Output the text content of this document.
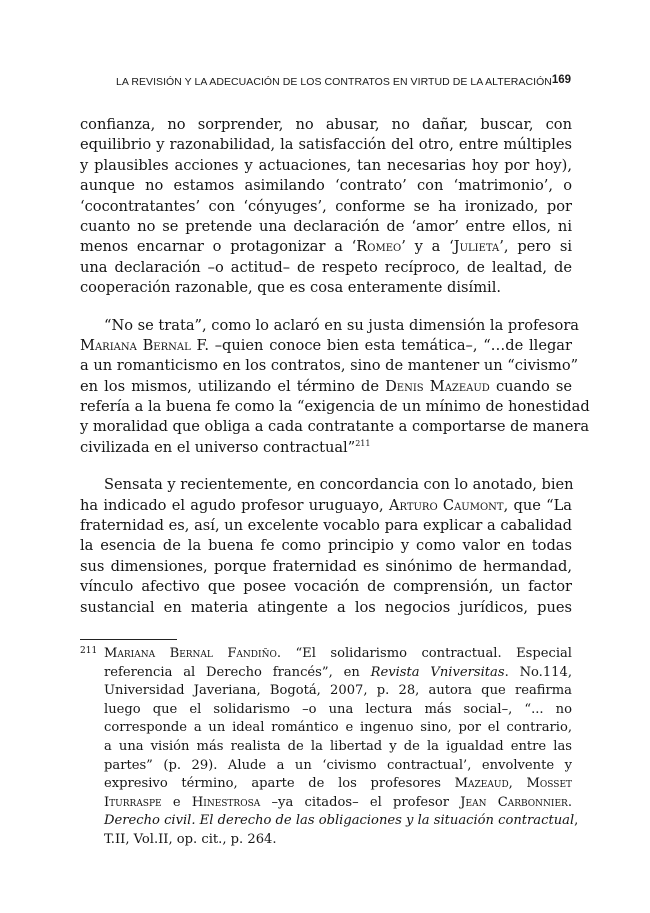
LA REVISIÓN Y LA ADECUACIÓN DE LOS CONTRATOS EN VIRTUD DE LA ALTERACIÓN 169
confianza, no sorprender, no abusar, no dañar, buscar, con
equilibrio y razonabilidad, la satisfacción del otro, entre múltiples
y plausibles acciones y actuaciones, tan necesarias hoy por hoy),
aunque no estamos asimilando ‘contrato’ con ‘matrimonio’, o
‘cocontratantes’ con ‘cónyuges’, conforme se ha ironizado, por
cuanto no se pretende una declaración de ‘amor’ entre ellos, ni
menos encarnar o protagonizar a ‘Romeo’ y a ‘Julieta’, pero si
una declaración –o actitud– de respeto recíproco, de lealtad, de
cooperación razonable, que es cosa enteramente disímil.
“No se trata”, como lo aclaró en su justa dimensión la profesora
Mariana Bernal F. –quien conoce bien esta temática–, “…de llegar
a un romanticismo en los contratos, sino de mantener un “civismo”
en los mismos, utilizando el término de Denis Mazeaud cuando se
refería a la buena fe como la “exigencia de un mínimo de honestidad
y moralidad que obliga a cada contratante a comportarse de manera
civilizada en el universo contractual”$^{211}$
Sensata y recientemente, en concordancia con lo anotado, bien
ha indicado el agudo profesor uruguayo, Arturo Caumont, que “La
fraternidad es, así, un excelente vocablo para explicar a cabalidad
la esencia de la buena fe como principio y como valor en todas
sus dimensiones, porque fraternidad es sinónimo de hermandad,
vínculo afectivo que posee vocación de comprensión, un factor
sustancial en materia atingente a los negocios jurídicos, pues
211 Mariana Bernal Fandiño. “El solidarismo contractual. Especial
referencia al Derecho francés”, en Revista Vniversitas. No.114,
Universidad Javeriana, Bogotá, 2007, p. 28, autora que reafirma
luego que el solidarismo –o una lectura más social–, “... no
corresponde a un ideal romántico e ingenuo sino, por el contrario,
a una visión más realista de la libertad y de la igualdad entre las
partes” (p. 29). Alude a un ‘civismo contractual’, envolvente y
expresivo término, aparte de los profesores Mazeaud, Mosset
Iturraspe e Hinestrosa –ya citados– el profesor Jean Carbonnier.
Derecho civil. El derecho de las obligaciones y la situación contractual,
T.II, Vol.II, op. cit., p. 264.
